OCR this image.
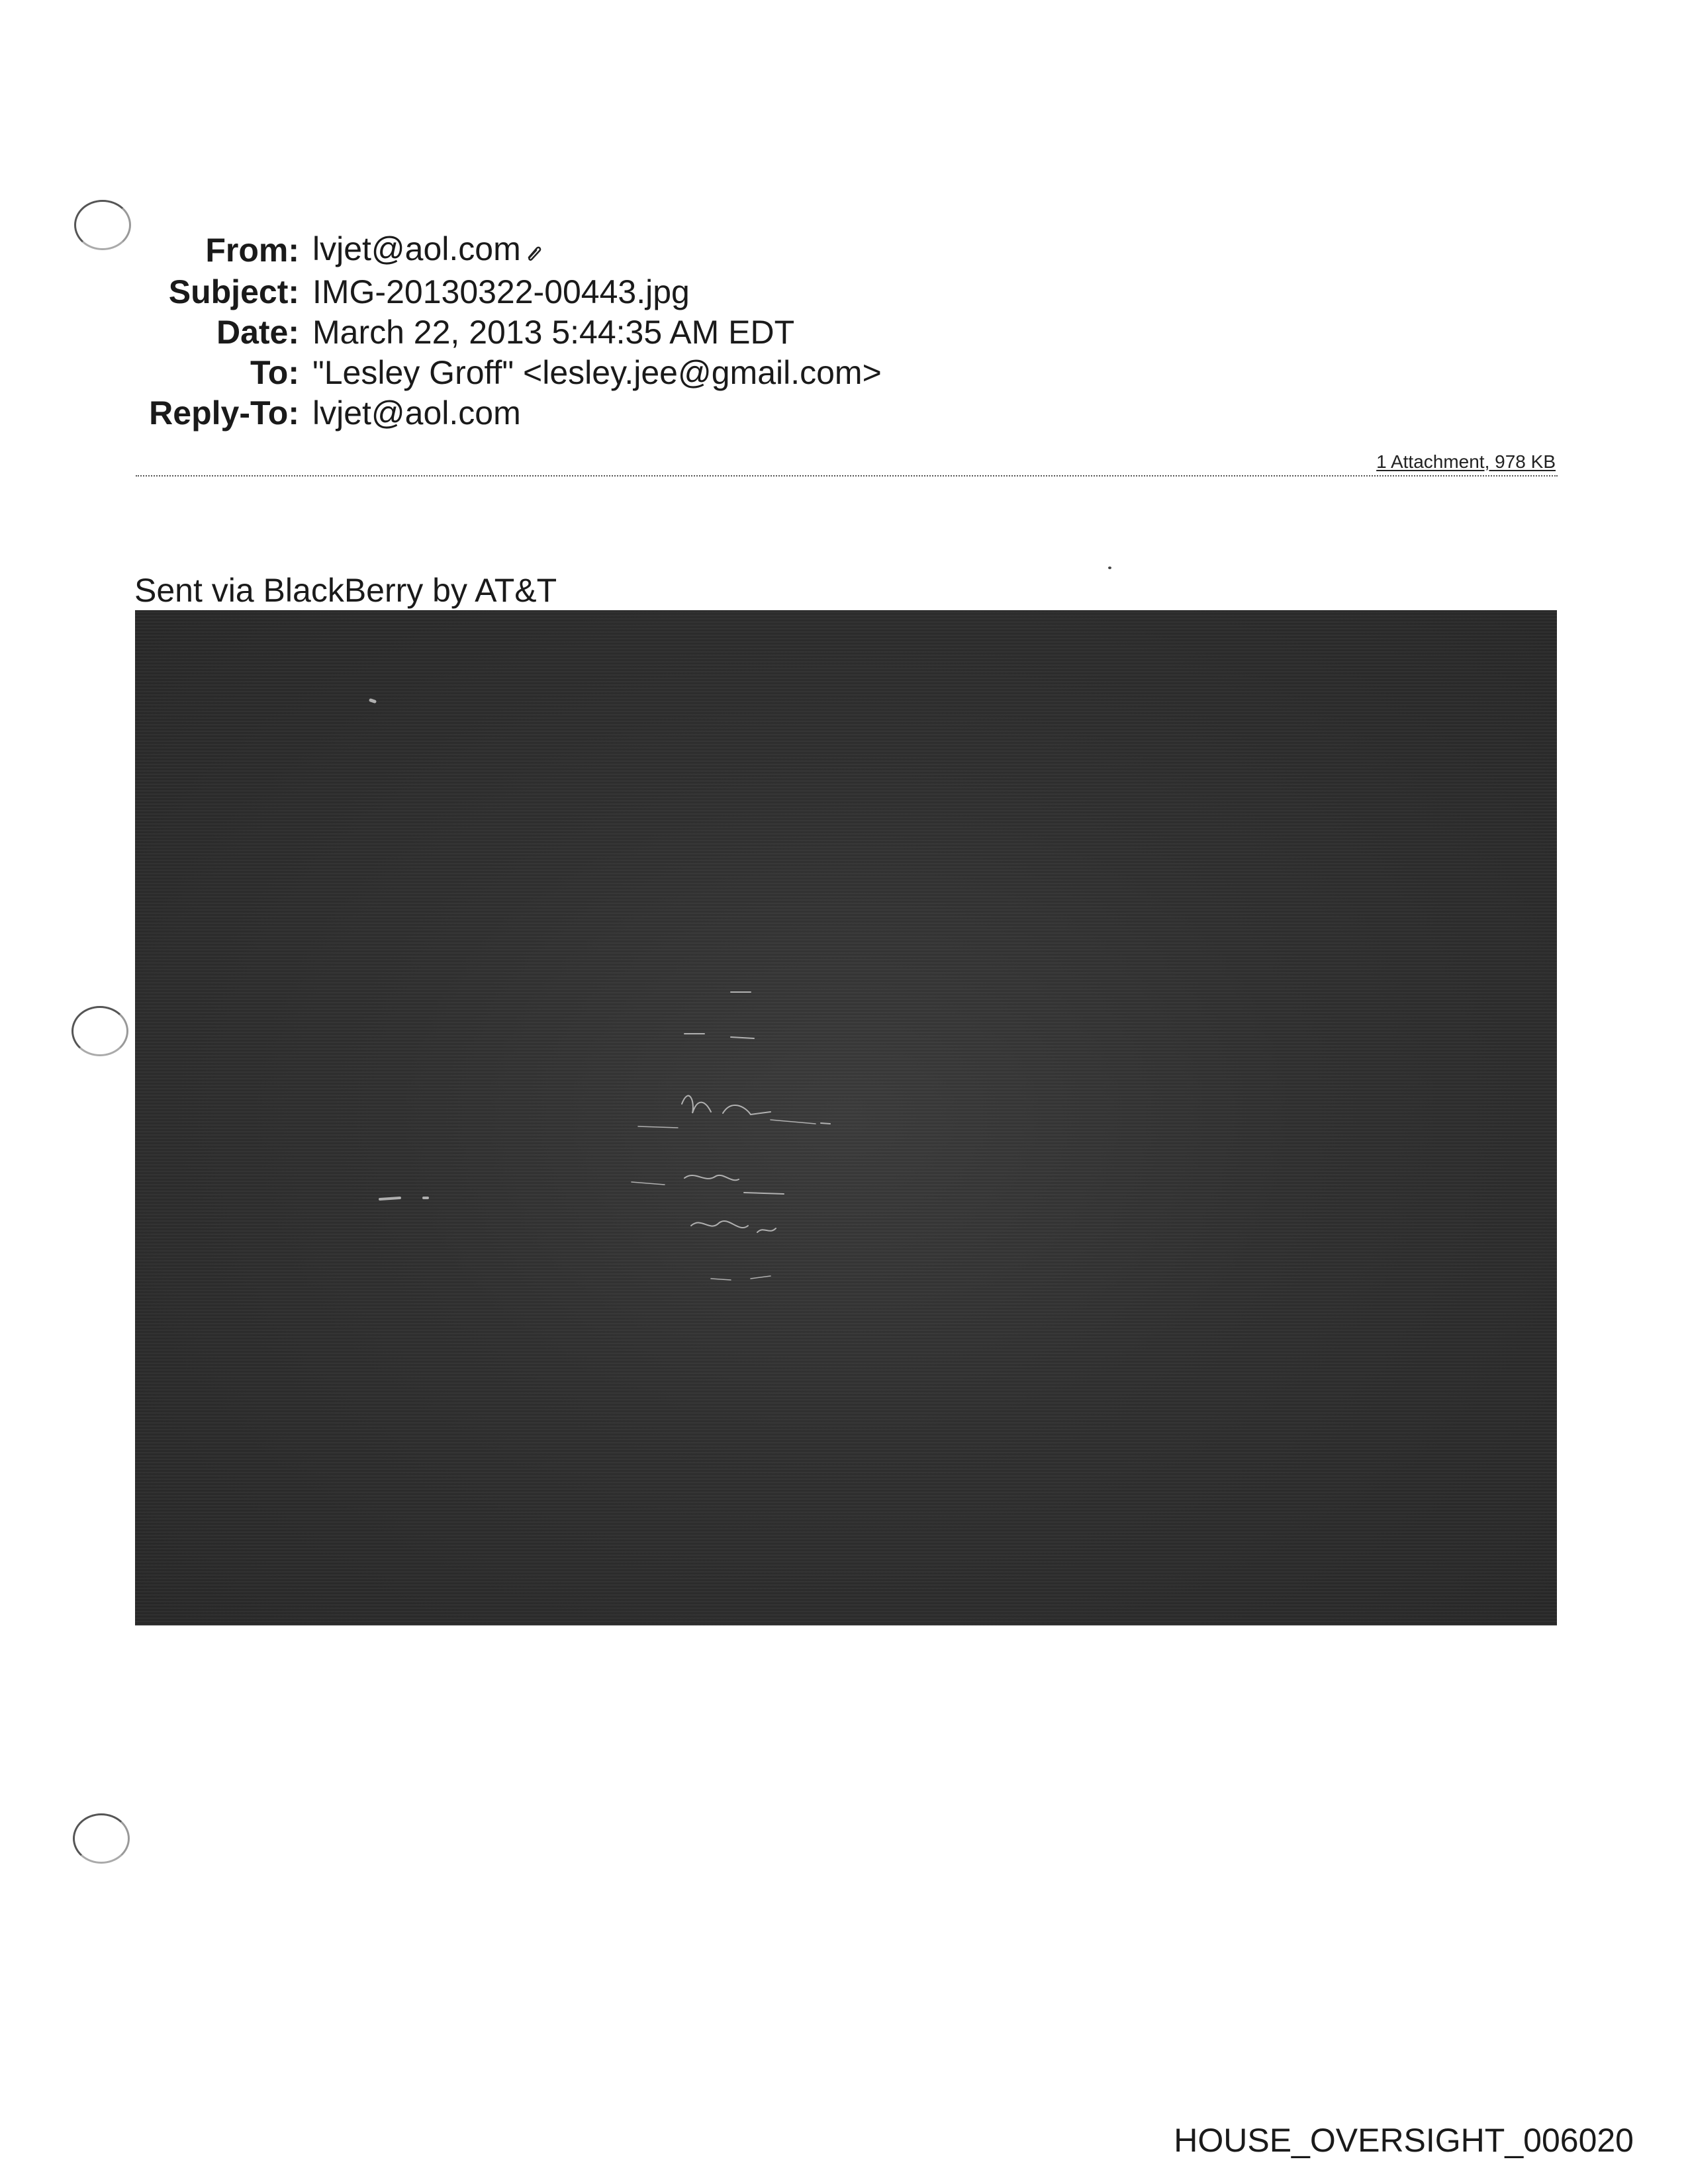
From:	lvjet@aol.com
Subject:	IMG-20130322-00443.jpg
Date:	March 22, 2013 5:44:35 AM EDT
To:	"Lesley Groff" <lesley.jee@gmail.com>
Reply-To:	lvjet@aol.com
1 Attachment, 978 KB
Sent via BlackBerry by AT&T
HOUSE_OVERSIGHT_006020
